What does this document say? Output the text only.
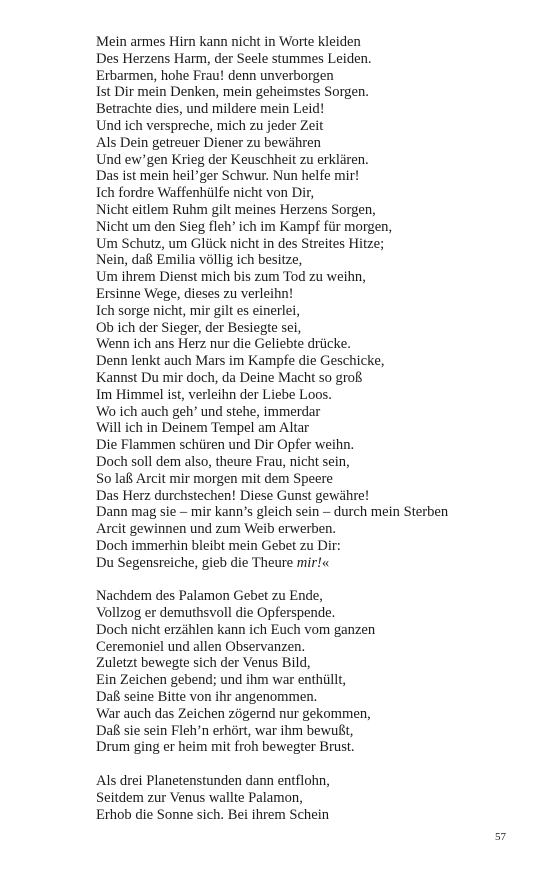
Mein armes Hirn kann nicht in Worte kleiden
Des Herzens Harm, der Seele stummes Leiden.
Erbarmen, hohe Frau! denn unverborgen
Ist Dir mein Denken, mein geheimstes Sorgen.
Betrachte dies, und mildere mein Leid!
Und ich verspreche, mich zu jeder Zeit
Als Dein getreuer Diener zu bewähren
Und ew’gen Krieg der Keuschheit zu erklären.
Das ist mein heil’ger Schwur. Nun helfe mir!
Ich fordre Waffenhülfe nicht von Dir,
Nicht eitlem Ruhm gilt meines Herzens Sorgen,
Nicht um den Sieg fleh’ ich im Kampf für morgen,
Um Schutz, um Glück nicht in des Streites Hitze;
Nein, daß Emilia völlig ich besitze,
Um ihrem Dienst mich bis zum Tod zu weihn,
Ersinne Wege, dieses zu verleihn!
Ich sorge nicht, mir gilt es einerlei,
Ob ich der Sieger, der Besiegte sei,
Wenn ich ans Herz nur die Geliebte drücke.
Denn lenkt auch Mars im Kampfe die Geschicke,
Kannst Du mir doch, da Deine Macht so groß
Im Himmel ist, verleihn der Liebe Loos.
Wo ich auch geh’ und stehe, immerdar
Will ich in Deinem Tempel am Altar
Die Flammen schüren und Dir Opfer weihn.
Doch soll dem also, theure Frau, nicht sein,
So laß Arcit mir morgen mit dem Speere
Das Herz durchstechen! Diese Gunst gewähre!
Dann mag sie – mir kann’s gleich sein – durch mein Sterben
Arcit gewinnen und zum Weib erwerben.
Doch immerhin bleibt mein Gebet zu Dir:
Du Segensreiche, gieb die Theure mir!«
Nachdem des Palamon Gebet zu Ende,
Vollzog er demuthsvoll die Opferspende.
Doch nicht erzählen kann ich Euch vom ganzen
Ceremoniel und allen Observanzen.
Zuletzt bewegte sich der Venus Bild,
Ein Zeichen gebend; und ihm war enthüllt,
Daß seine Bitte von ihr angenommen.
War auch das Zeichen zögernd nur gekommen,
Daß sie sein Fleh’n erhört, war ihm bewußt,
Drum ging er heim mit froh bewegter Brust.
Als drei Planetenstunden dann entflohn,
Seitdem zur Venus wallte Palamon,
Erhob die Sonne sich. Bei ihrem Schein
57
